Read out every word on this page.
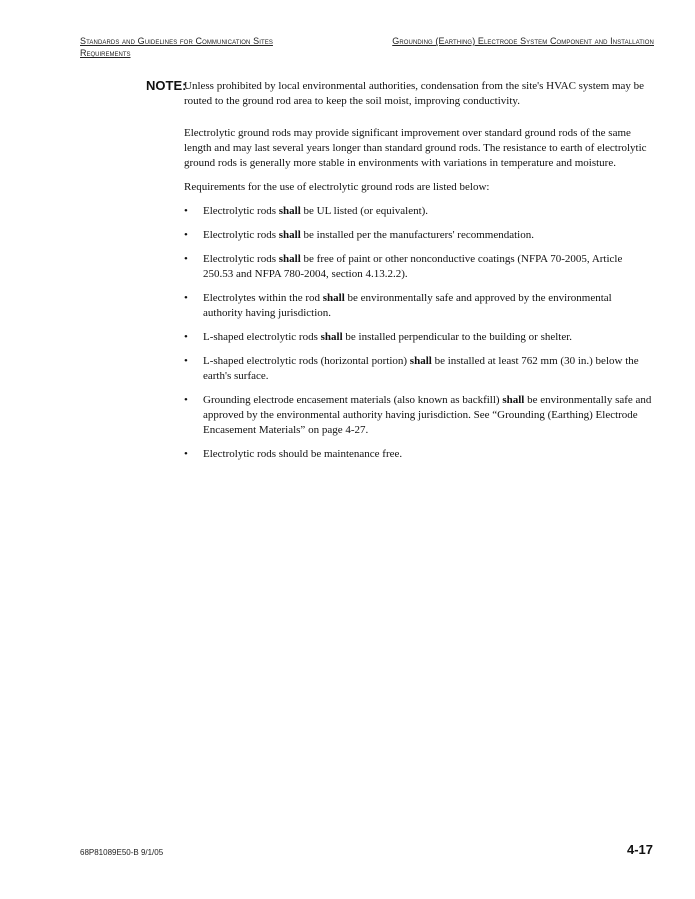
Standards and Guidelines for Communication Sites
Requirements
Grounding (Earthing) Electrode System Component and Installation
NOTE:
Unless prohibited by local environmental authorities, condensation from the site's HVAC system may be routed to the ground rod area to keep the soil moist, improving conductivity.

Electrolytic ground rods may provide significant improvement over standard ground rods of the same length and may last several years longer than standard ground rods. The resistance to earth of electrolytic ground rods is generally more stable in environments with variations in temperature and moisture.

Requirements for the use of electrolytic ground rods are listed below:

• Electrolytic rods shall be UL listed (or equivalent).
• Electrolytic rods shall be installed per the manufacturers' recommendation.
• Electrolytic rods shall be free of paint or other nonconductive coatings (NFPA 70-2005, Article 250.53 and NFPA 780-2004, section 4.13.2.2).
• Electrolytes within the rod shall be environmentally safe and approved by the environmental authority having jurisdiction.
• L-shaped electrolytic rods shall be installed perpendicular to the building or shelter.
• L-shaped electrolytic rods (horizontal portion) shall be installed at least 762 mm (30 in.) below the earth's surface.
• Grounding electrode encasement materials (also known as backfill) shall be environmentally safe and approved by the environmental authority having jurisdiction. See “Grounding (Earthing) Electrode Encasement Materials” on page 4-27.
• Electrolytic rods should be maintenance free.
68P81089E50-B 9/1/05	4-17
